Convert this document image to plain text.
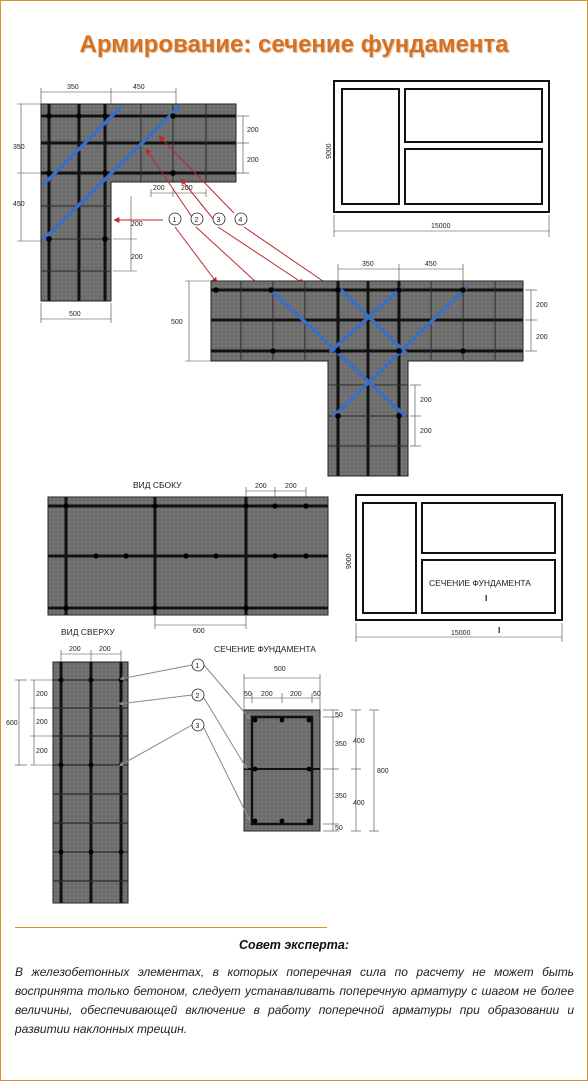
Армирование: сечение фундамента
350	450
350
450
200
200
200 200
200
200
500
15000
9000
1	2	3	4
350	450
500
200
200
200
200
ВИД СБОКУ	200	200
600
СЕЧЕНИЕ ФУНДАМЕНТА
I
I
15000
9000
ВИД СВЕРХУ
200	200
200
200
200
600
СЕЧЕНИЕ ФУНДАМЕНТА
500
50 200 200 50
50
350
350
50
400
400
800
1
2
3
Совет эксперта:
В железобетонных элементах, в которых поперечная сила по расчету не может быть воспринята только бетоном, следует устанавливать поперечную арматуру с шагом не более величины, обеспечивающей включение в работу поперечной арматуры при образовании и развитии наклонных трещин.
